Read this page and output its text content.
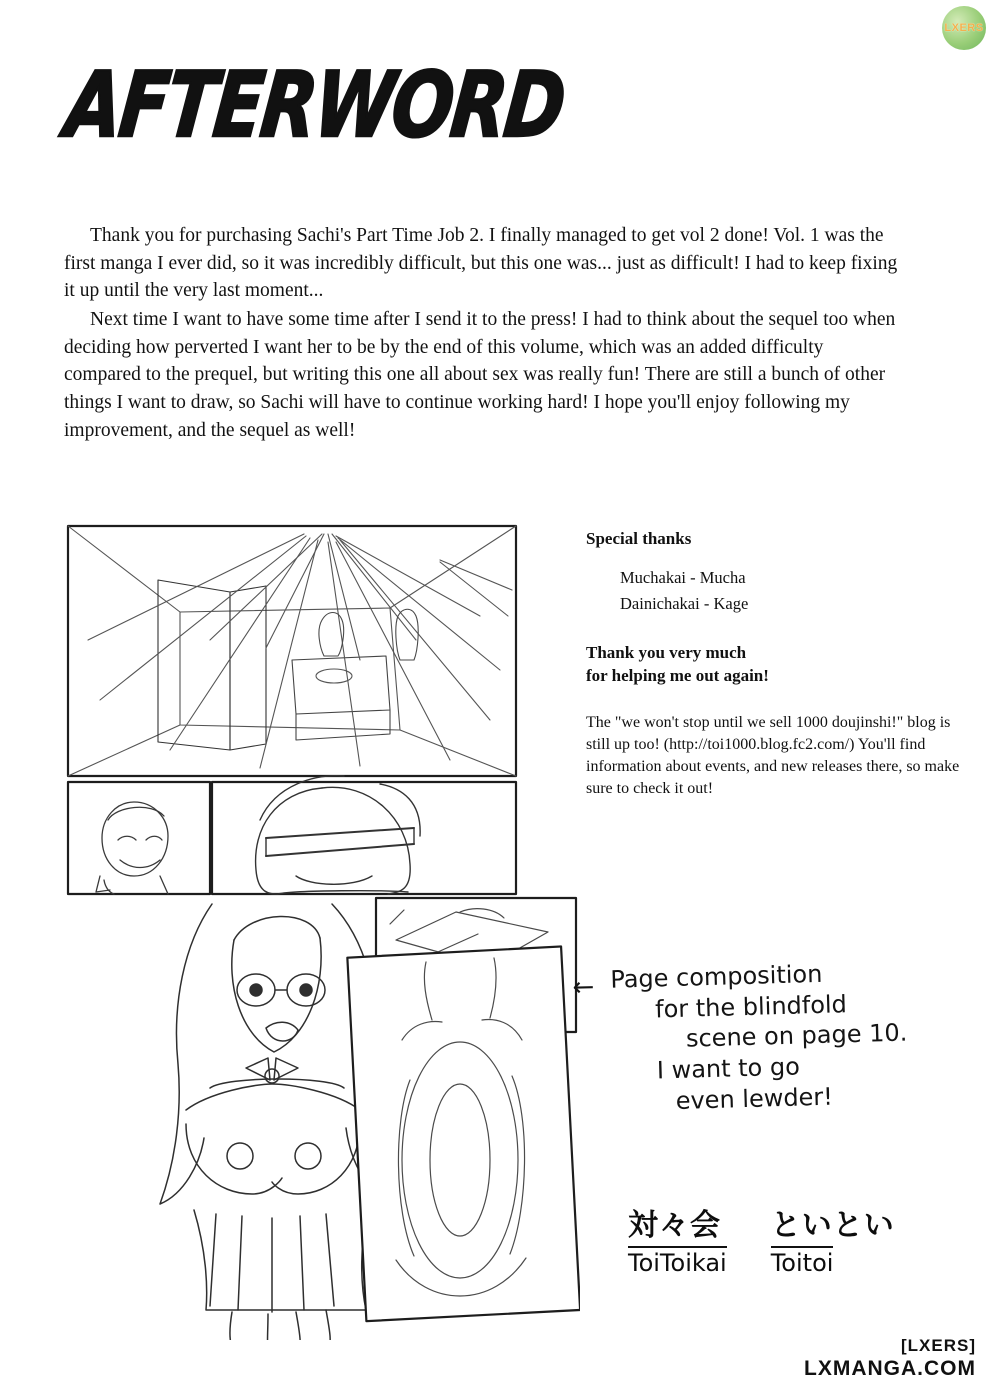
LXERS
AFTERWORD

Thank you for purchasing Sachi's Part Time Job 2. I finally managed to get vol 2 done! Vol. 1 was the first manga I ever did, so it was incredibly difficult, but this one was... just as difficult! I had to keep fixing it up until the very last moment...

Next time I want to have some time after I send it to the press! I had to think about the sequel too when deciding how perverted I want her to be by the end of this volume, which was an added difficulty compared to the prequel, but writing this one all about sex was really fun! There are still a bunch of other things I want to draw, so Sachi will have to continue working hard! I hope you'll enjoy following my improvement, and the sequel as well!

Special thanks
Muchakai - Mucha
Dainichakai - Kage
Thank you very much
for helping me out again!
The "we won't stop until we sell 1000 doujinshi!" blog is still up too! (http://toi1000.blog.fc2.com/) You'll find information about events, and new releases there, so make sure to check it out!
← Page composition
for the blindfold
scene on page 10.
I want to go
even lewder!
対々会
ToiToikai
といとい
Toitoi
[LXERS]
LXMANGA.COM
